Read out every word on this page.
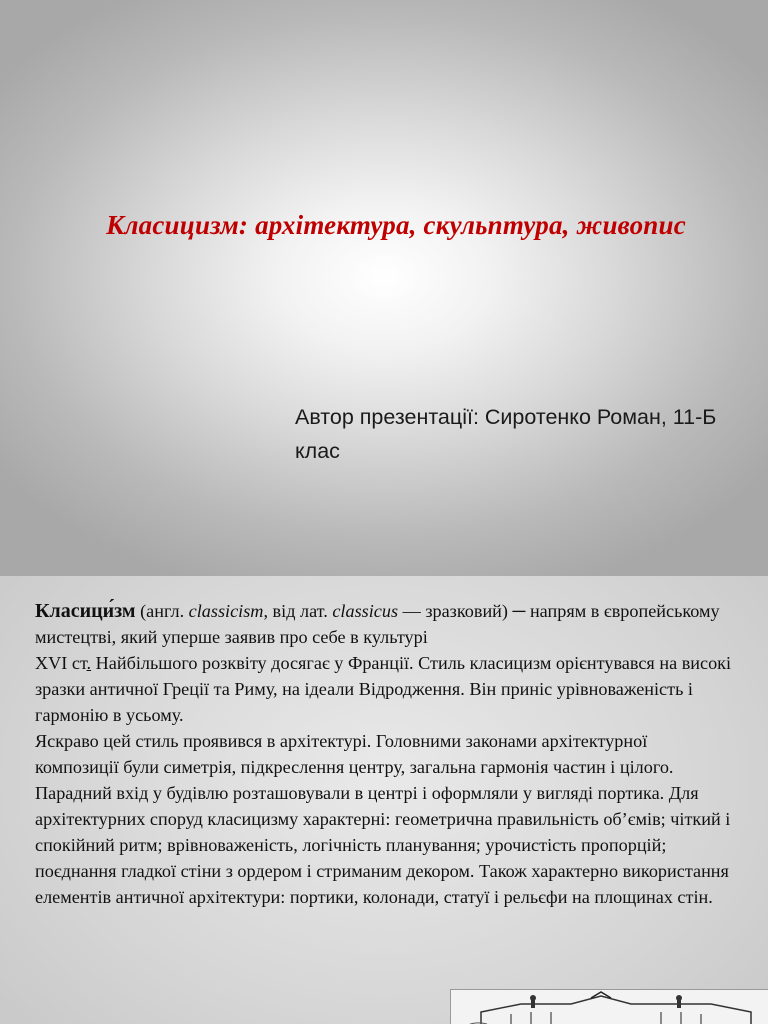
Класицизм: архітектура, скульптура, живопис

Автор презентації: Сиротенко Роман, 11-Б клас

Класици́зм (англ. classicism, від лат. classicus — зразковий) ─ напрям в європейському мистецтві, який уперше заявив про себе в культурі
XVI ст. Найбільшого розквіту досягає у Франції. Стиль класицизм орієнтувався на високі зразки античної Греції та Риму, на ідеали Відродження. Він приніс урівноваженість і гармонію в усьому.
Яскраво цей стиль проявився в архітектурі. Головними законами архітектурної композиції були симетрія, підкреслення центру, загальна гармонія частин і цілого.
Парадний вхід у будівлю розташовували в центрі і оформляли у вигляді портика. Для архітектурних споруд класицизму характерні: геометрична правильність об’ємів; чіткий і спокійний ритм; врівноваженість, логічність планування; урочистість пропорцій; поєднання гладкої стіни з ордером і стриманим декором. Також характерно використання елементів античної архітектури: портики, колонади, статуї і рельєфи на площинах стін.
